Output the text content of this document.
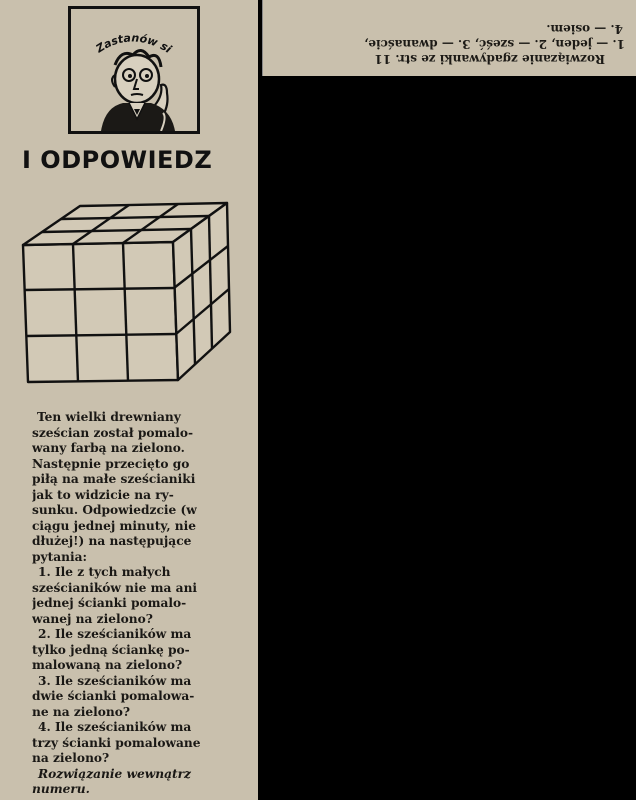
Zastanów si
I ODPOWIEDZ
Ten wielki drewniany
sześcian został pomalo-
wany farbą na zielono.
Następnie przecięto go
piłą na małe sześcianiki
jak to widzicie na ry-
sunku. Odpowiedzcie (w
ciągu jednej minuty, nie
dłużej!) na następujące
pytania:
1. Ile z tych małych
sześcianików nie ma ani
jednej ścianki pomalo-
wanej na zielono?
2. Ile sześcianików ma
tylko jedną ściankę po-
malowaną na zielono?
3. Ile sześcianików ma
dwie ścianki pomalowa-
ne na zielono?
4. Ile sześcianików ma
trzy ścianki pomalowane
na zielono?
Rozwiązanie wewnątrz
numeru.
Rozwiązanie zgadywanki ze str. 11
1. — jeden, 2. — sześć, 3. — dwanaście,
4. — osiem.
